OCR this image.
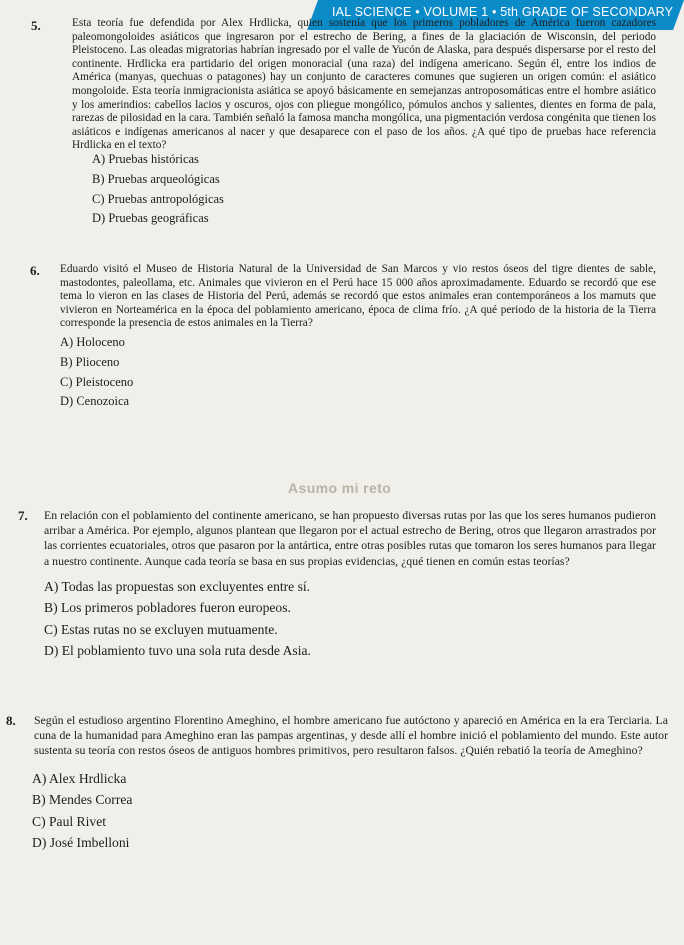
IAL SCIENCE • VOLUME 1 • 5th GRADE OF SECONDARY
5.	Esta teoría fue defendida por Alex Hrdlicka, quien sostenía que los primeros pobladores de América fueron cazadores paleomongoloides asiáticos que ingresaron por el estrecho de Bering, a fines de la glaciación de Wisconsin, del periodo Pleistoceno. Las oleadas migratorias habrían ingresado por el valle de Yucón de Alaska, para después dispersarse por el resto del continente. Hrdlicka era partidario del origen monoracial (una raza) del indígena americano. Según él, entre los indios de América (manyas, quechuas o patagones) hay un conjunto de caracteres comunes que sugieren un origen común: el asiático mongoloide. Esta teoría inmigracionista asiática se apoyó básicamente en semejanzas antroposomáticas entre el hombre asiático y los amerindios: cabellos lacios y oscuros, ojos con pliegue mongólico, pómulos anchos y salientes, dientes en forma de pala, rarezas de pilosidad en la cara. También señaló la famosa mancha mongólica, una pigmentación verdosa congénita que tienen los asiáticos e indígenas americanos al nacer y que desaparece con el paso de los años. ¿A qué tipo de pruebas hace referencia Hrdlicka en el texto?
A) Pruebas históricas
B) Pruebas arqueológicas
C) Pruebas antropológicas
D) Pruebas geográficas
6. Eduardo visitó el Museo de Historia Natural de la Universidad de San Marcos y vio restos óseos del tigre dientes de sable, mastodontes, paleollama, etc. Animales que vivieron en el Perú hace 15 000 años aproximadamente. Eduardo se recordó que ese tema lo vieron en las clases de Historia del Perú, además se recordó que estos animales eran contemporáneos a los mamuts que vivieron en Norteamérica en la época del poblamiento americano, época de clima frío. ¿A qué periodo de la historia de la Tierra corresponde la presencia de estos animales en la Tierra?
A) Holoceno
B) Plioceno
C) Pleistoceno
D) Cenozoica
Asumo mi reto
7. En relación con el poblamiento del continente americano, se han propuesto diversas rutas por las que los seres humanos pudieron arribar a América. Por ejemplo, algunos plantean que llegaron por el actual estrecho de Bering, otros que llegaron arrastrados por las corrientes ecuatoriales, otros que pasaron por la antártica, entre otras posibles rutas que tomaron los seres humanos para llegar a nuestro continente. Aunque cada teoría se basa en sus propias evidencias, ¿qué tienen en común estas teorías?
A) Todas las propuestas son excluyentes entre sí.
B) Los primeros pobladores fueron europeos.
C) Estas rutas no se excluyen mutuamente.
D) El poblamiento tuvo una sola ruta desde Asia.
8. Según el estudioso argentino Florentino Ameghino, el hombre americano fue autóctono y apareció en América en la era Terciaria. La cuna de la humanidad para Ameghino eran las pampas argentinas, y desde allí el hombre inició el poblamiento del mundo. Este autor sustenta su teoría con restos óseos de antiguos hombres primitivos, pero resultaron falsos. ¿Quién rebatió la teoría de Ameghino?
A) Alex Hrdlicka
B) Mendes Correa
C) Paul Rivet
D) José Imbelloni
